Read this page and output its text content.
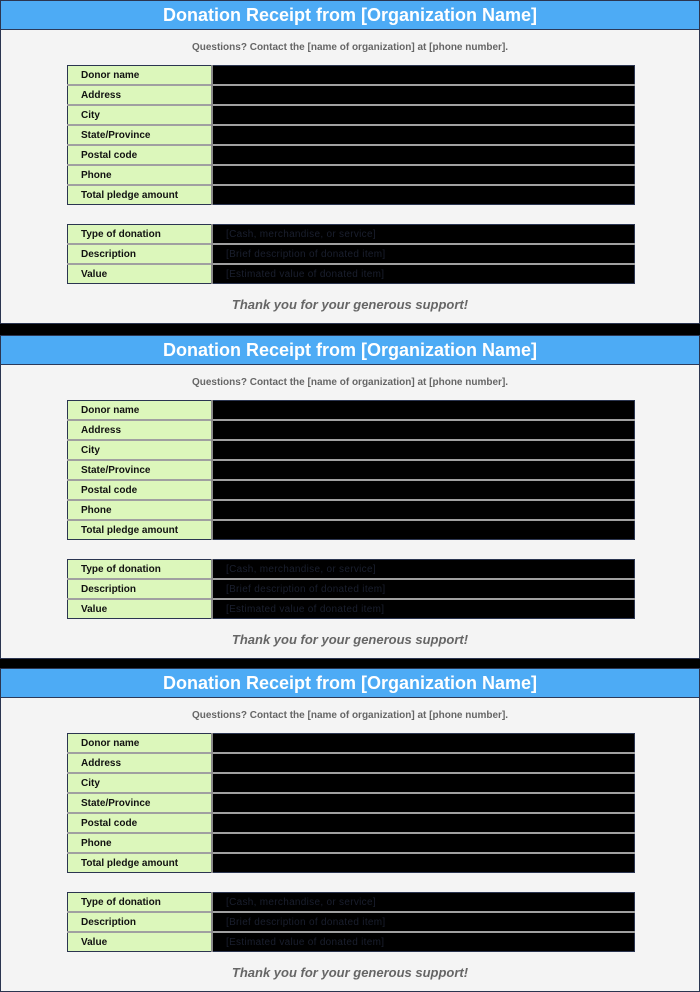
Donation Receipt from [Organization Name]
Questions? Contact the [name of organization] at [phone number].
Donor name	
Address	
City	
State/Province	
Postal code	
Phone	
Total pledge amount	
Type of donation	[Cash, merchandise, or service]
Description	[Brief description of donated item]
Value	[Estimated value of donated item]
Thank you for your generous support!
Donation Receipt from [Organization Name]
Questions? Contact the [name of organization] at [phone number].
Donor name	
Address	
City	
State/Province	
Postal code	
Phone	
Total pledge amount	
Type of donation	[Cash, merchandise, or service]
Description	[Brief description of donated item]
Value	[Estimated value of donated item]
Thank you for your generous support!
Donation Receipt from [Organization Name]
Questions? Contact the [name of organization] at [phone number].
Donor name	
Address	
City	
State/Province	
Postal code	
Phone	
Total pledge amount	
Type of donation	[Cash, merchandise, or service]
Description	[Brief description of donated item]
Value	[Estimated value of donated item]
Thank you for your generous support!
